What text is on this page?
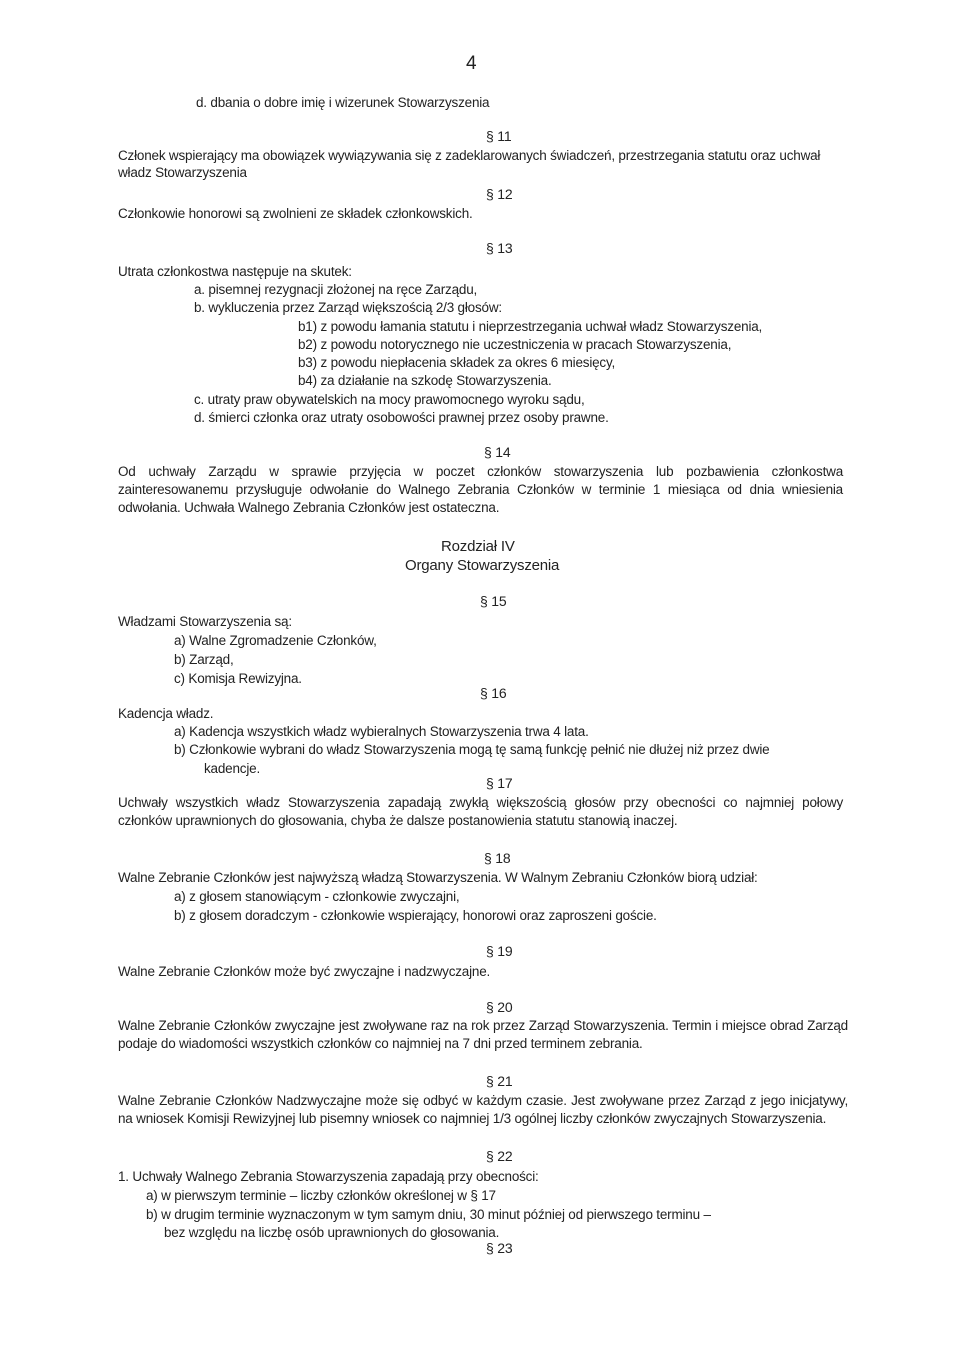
4
d. dbania o dobre imię i wizerunek Stowarzyszenia
§ 11
Członek wspierający ma obowiązek wywiązywania się z zadeklarowanych świadczeń, przestrzegania statutu oraz uchwał władz Stowarzyszenia
§ 12
Członkowie honorowi są zwolnieni ze składek członkowskich.
§ 13
Utrata członkostwa następuje na skutek:
a. pisemnej rezygnacji złożonej na ręce Zarządu,
b. wykluczenia przez Zarząd większością 2/3 głosów:
b1) z powodu łamania statutu i nieprzestrzegania uchwał władz Stowarzyszenia,
b2) z powodu notorycznego nie uczestniczenia w pracach Stowarzyszenia,
b3) z powodu niepłacenia składek za okres 6 miesięcy,
b4) za działanie na szkodę Stowarzyszenia.
c. utraty praw obywatelskich na mocy prawomocnego wyroku sądu,
d. śmierci członka oraz utraty osobowości prawnej przez osoby prawne.
§ 14
Od uchwały Zarządu w sprawie przyjęcia w poczet członków stowarzyszenia lub pozbawienia członkostwa zainteresowanemu przysługuje odwołanie do Walnego Zebrania Członków w terminie 1 miesiąca od dnia wniesienia odwołania. Uchwała Walnego Zebrania Członków jest ostateczna.
Rozdział IV
Organy Stowarzyszenia
§ 15
Władzami Stowarzyszenia są:
a) Walne Zgromadzenie Członków,
b) Zarząd,
c) Komisja Rewizyjna.
§ 16
Kadencja władz.
a) Kadencja wszystkich władz wybieralnych Stowarzyszenia trwa 4 lata.
b) Członkowie wybrani do władz Stowarzyszenia mogą tę samą funkcję pełnić nie dłużej niż przez dwie
kadencje.
§ 17
Uchwały wszystkich władz Stowarzyszenia zapadają zwykłą większością głosów przy obecności co najmniej połowy członków uprawnionych do głosowania, chyba że dalsze postanowienia statutu stanowią inaczej.
§ 18
Walne Zebranie Członków jest najwyższą władzą Stowarzyszenia. W Walnym Zebraniu Członków biorą udział:
a) z głosem stanowiącym - członkowie zwyczajni,
b) z głosem doradczym - członkowie wspierający, honorowi oraz zaproszeni goście.
§ 19
Walne Zebranie Członków może być zwyczajne i nadzwyczajne.
§ 20
Walne Zebranie Członków zwyczajne jest zwoływane raz na rok przez Zarząd Stowarzyszenia. Termin i miejsce obrad Zarząd podaje do wiadomości wszystkich członków co najmniej na 7 dni przed terminem zebrania.
§ 21
Walne Zebranie Członków Nadzwyczajne może się odbyć w każdym czasie. Jest zwoływane przez Zarząd z jego inicjatywy, na wniosek Komisji Rewizyjnej lub pisemny wniosek co najmniej 1/3 ogólnej liczby członków zwyczajnych Stowarzyszenia.
§ 22
1. Uchwały Walnego Zebrania Stowarzyszenia zapadają przy obecności:
a) w pierwszym terminie – liczby członków określonej w § 17
b) w drugim terminie wyznaczonym w tym samym dniu, 30 minut później od pierwszego terminu –
bez względu na liczbę osób uprawnionych do głosowania.
§ 23
